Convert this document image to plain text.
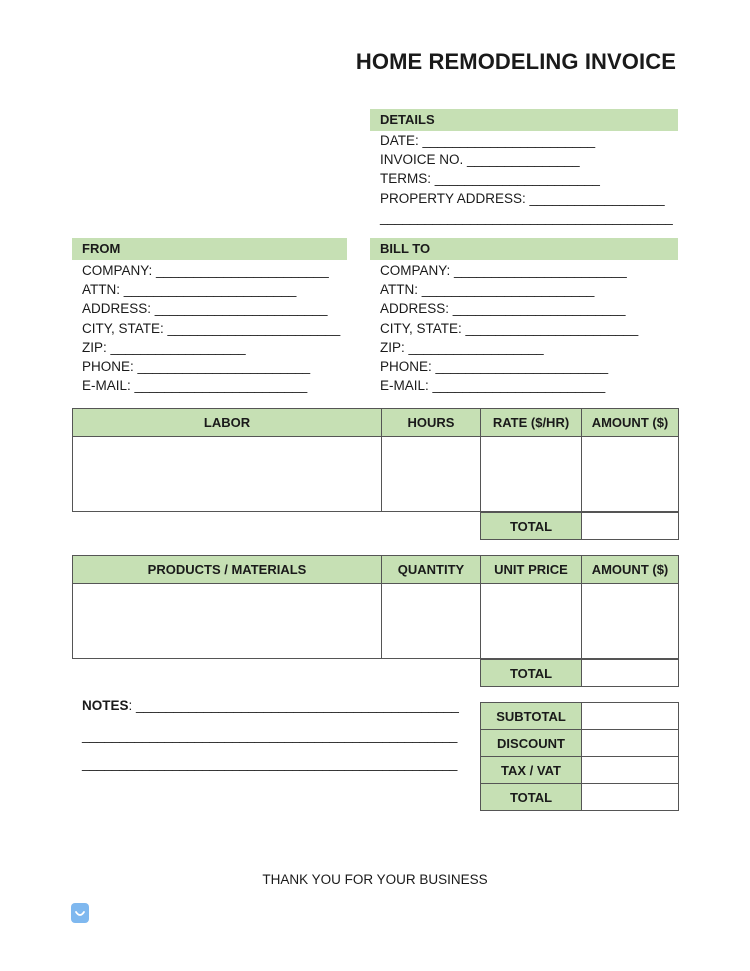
HOME REMODELING INVOICE
DETAILS
DATE: _______________________
INVOICE NO. _______________
TERMS: ______________________
PROPERTY ADDRESS: __________________
_______________________________________
FROM
COMPANY: _______________________
ATTN: _______________________
ADDRESS: _______________________
CITY, STATE: _______________________
ZIP: __________________
PHONE: _______________________
E-MAIL: _______________________
BILL TO
COMPANY: _______________________
ATTN: _______________________
ADDRESS: _______________________
CITY, STATE: _______________________
ZIP: __________________
PHONE: _______________________
E-MAIL: _______________________
LABOR	HOURS	RATE ($/HR)	AMOUNT ($)

TOTAL	
PRODUCTS / MATERIALS	QUANTITY	UNIT PRICE	AMOUNT ($)

TOTAL	
NOTES: ___________________________________________
__________________________________________________
__________________________________________________
SUBTOTAL	
DISCOUNT	
TAX / VAT	
TOTAL	
THANK YOU FOR YOUR BUSINESS
